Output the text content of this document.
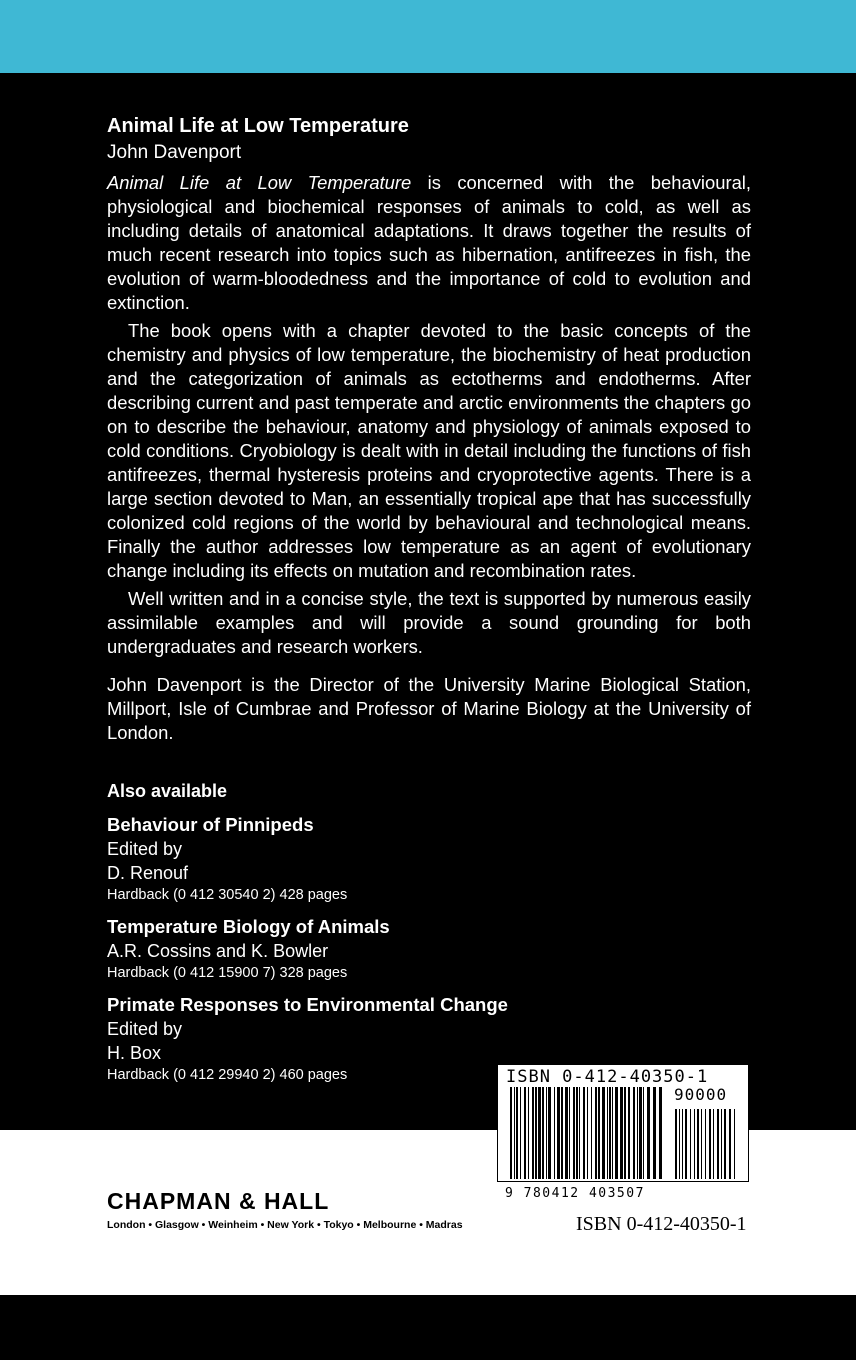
Animal Life at Low Temperature

John Davenport

Animal Life at Low Temperature is concerned with the behavioural, physiological and biochemical responses of animals to cold, as well as including details of anatomical adaptations. It draws together the results of much recent research into topics such as hibernation, antifreezes in fish, the evolution of warm-bloodedness and the importance of cold to evolution and extinction.

The book opens with a chapter devoted to the basic concepts of the chemistry and physics of low temperature, the biochemistry of heat production and the categorization of animals as ectotherms and endotherms. After describing current and past temperate and arctic environments the chapters go on to describe the behaviour, anatomy and physiology of animals exposed to cold conditions. Cryobiology is dealt with in detail including the functions of fish antifreezes, thermal hysteresis proteins and cryoprotective agents. There is a large section devoted to Man, an essentially tropical ape that has successfully colonized cold regions of the world by behavioural and technological means. Finally the author addresses low temperature as an agent of evolutionary change including its effects on mutation and recombination rates.

Well written and in a concise style, the text is supported by numerous easily assimilable examples and will provide a sound grounding for both undergraduates and research workers.

John Davenport is the Director of the University Marine Biological Station, Millport, Isle of Cumbrae and Professor of Marine Biology at the University of London.

Also available

Behaviour of Pinnipeds

Edited by

D. Renouf

Hardback (0 412 30540 2) 428 pages

Temperature Biology of Animals

A.R. Cossins and K. Bowler

Hardback (0 412 15900 7) 328 pages

Primate Responses to Environmental Change

Edited by

H. Box

Hardback (0 412 29940 2) 460 pages

CHAPMAN & HALL
London • Glasgow • Weinheim • New York • Tokyo • Melbourne • Madras
ISBN 0-412-40350-1
90000
9 780412 403507
ISBN 0-412-40350-1
